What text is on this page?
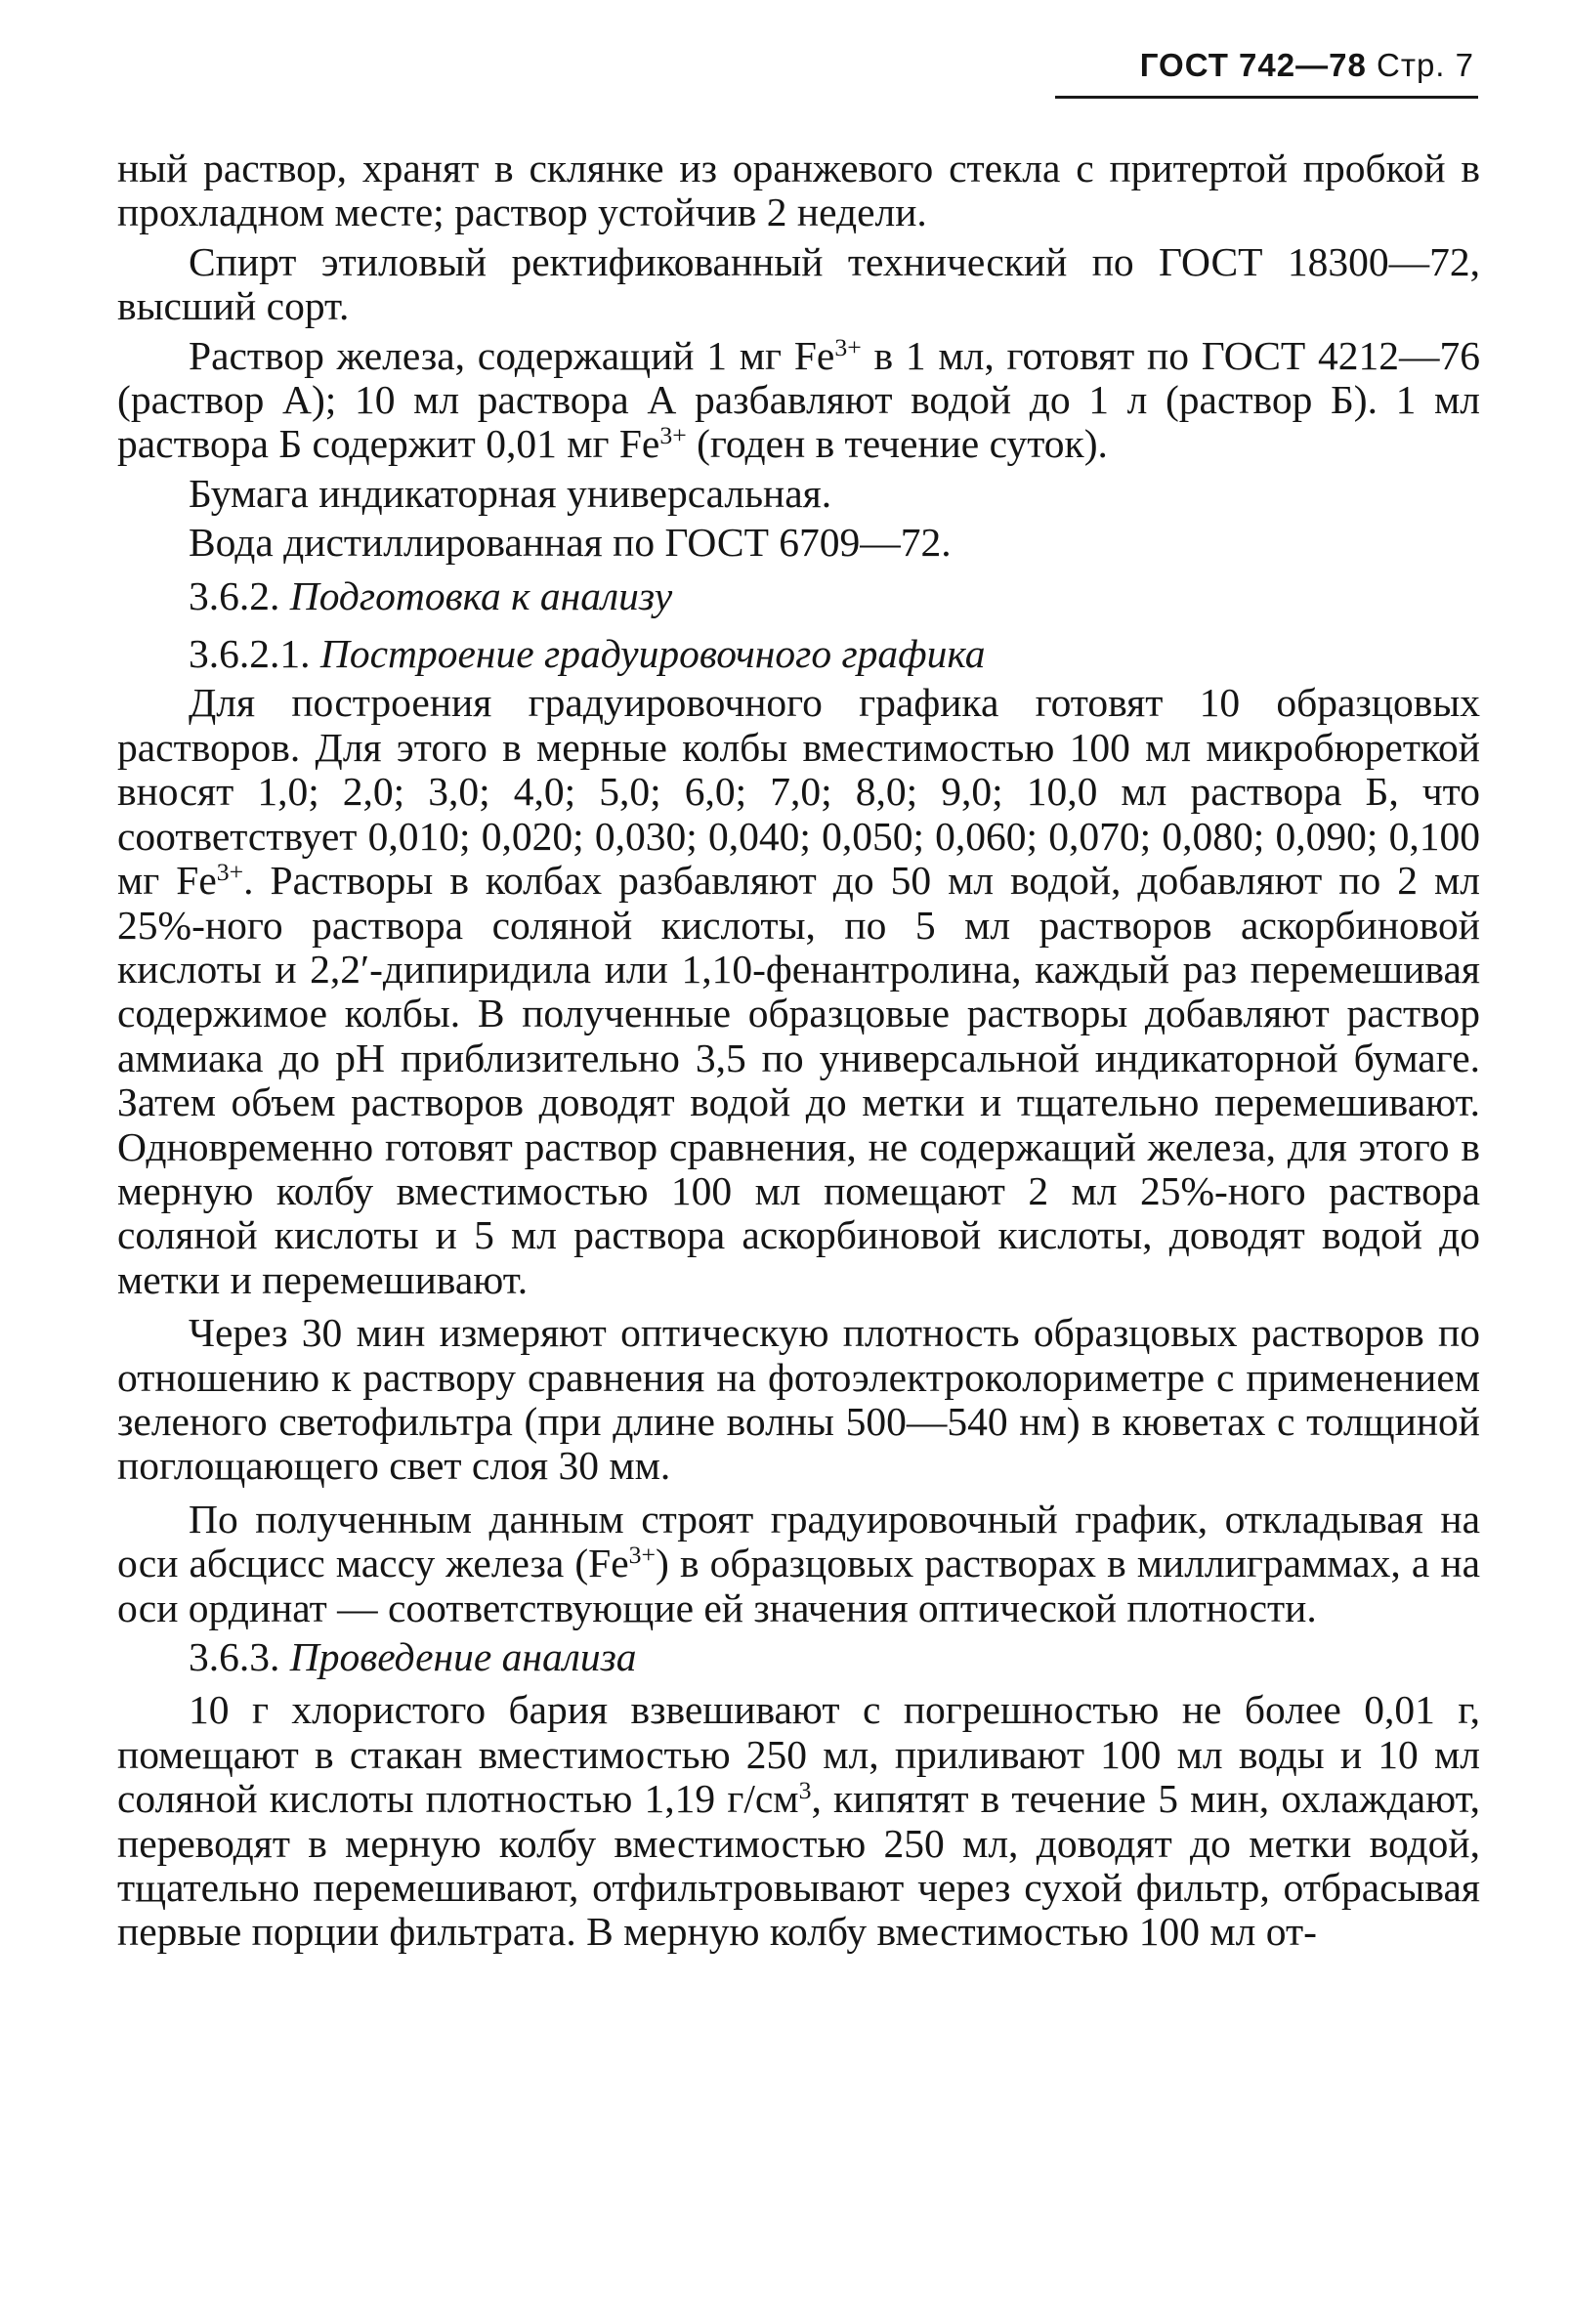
ГОСТ 742—78 Стр. 7

ный раствор, хранят в склянке из оранжевого стекла с притертой пробкой в прохладном месте; раствор устойчив 2 недели.

Спирт этиловый ректификованный технический по ГОСТ 18300—72, высший сорт.

Раствор железа, содержащий 1 мг $Fe^{3+}$ в 1 мл, готовят по ГОСТ 4212—76 (раствор А); 10 мл раствора А разбавляют водой до 1 л (раствор Б). 1 мл раствора Б содержит 0,01 мг $Fe^{3+}$ (годен в течение суток).

Бумага индикаторная универсальная.

Вода дистиллированная по ГОСТ 6709—72.

3.6.2. Подготовка к анализу

3.6.2.1. Построение градуировочного графика

Для построения градуировочного графика готовят 10 образцовых растворов. Для этого в мерные колбы вместимостью 100 мл микробюреткой вносят 1,0; 2,0; 3,0; 4,0; 5,0; 6,0; 7,0; 8,0; 9,0; 10,0 мл раствора Б, что соответствует 0,010; 0,020; 0,030; 0,040; 0,050; 0,060; 0,070; 0,080; 0,090; 0,100 мг $Fe^{3+}$. Растворы в колбах разбавляют до 50 мл водой, добавляют по 2 мл 25%-ного раствора соляной кислоты, по 5 мл растворов аскорбиновой кислоты и 2,2′-дипиридила или 1,10-фенантролина, каждый раз перемешивая содержимое колбы. В полученные образцовые растворы добавляют раствор аммиака до pH приблизительно 3,5 по универсальной индикаторной бумаге. Затем объем растворов доводят водой до метки и тщательно перемешивают. Одновременно готовят раствор сравнения, не содержащий железа, для этого в мерную колбу вместимостью 100 мл помещают 2 мл 25%-ного раствора соляной кислоты и 5 мл раствора аскорбиновой кислоты, доводят водой до метки и перемешивают.

Через 30 мин измеряют оптическую плотность образцовых растворов по отношению к раствору сравнения на фотоэлектроколориметре с применением зеленого светофильтра (при длине волны 500—540 нм) в кюветах с толщиной поглощающего свет слоя 30 мм.

По полученным данным строят градуировочный график, откладывая на оси абсцисс массу железа $(Fe^{3+})$ в образцовых растворах в миллиграммах, а на оси ординат — соответствующие ей значения оптической плотности.

3.6.3. Проведение анализа

10 г хлористого бария взвешивают с погрешностью не более 0,01 г, помещают в стакан вместимостью 250 мл, приливают 100 мл воды и 10 мл соляной кислоты плотностью 1,19 $г/см^3$, кипятят в течение 5 мин, охлаждают, переводят в мерную колбу вместимостью 250 мл, доводят до метки водой, тщательно перемешивают, отфильтровывают через сухой фильтр, отбрасывая первые порции фильтрата. В мерную колбу вместимостью 100 мл от-
